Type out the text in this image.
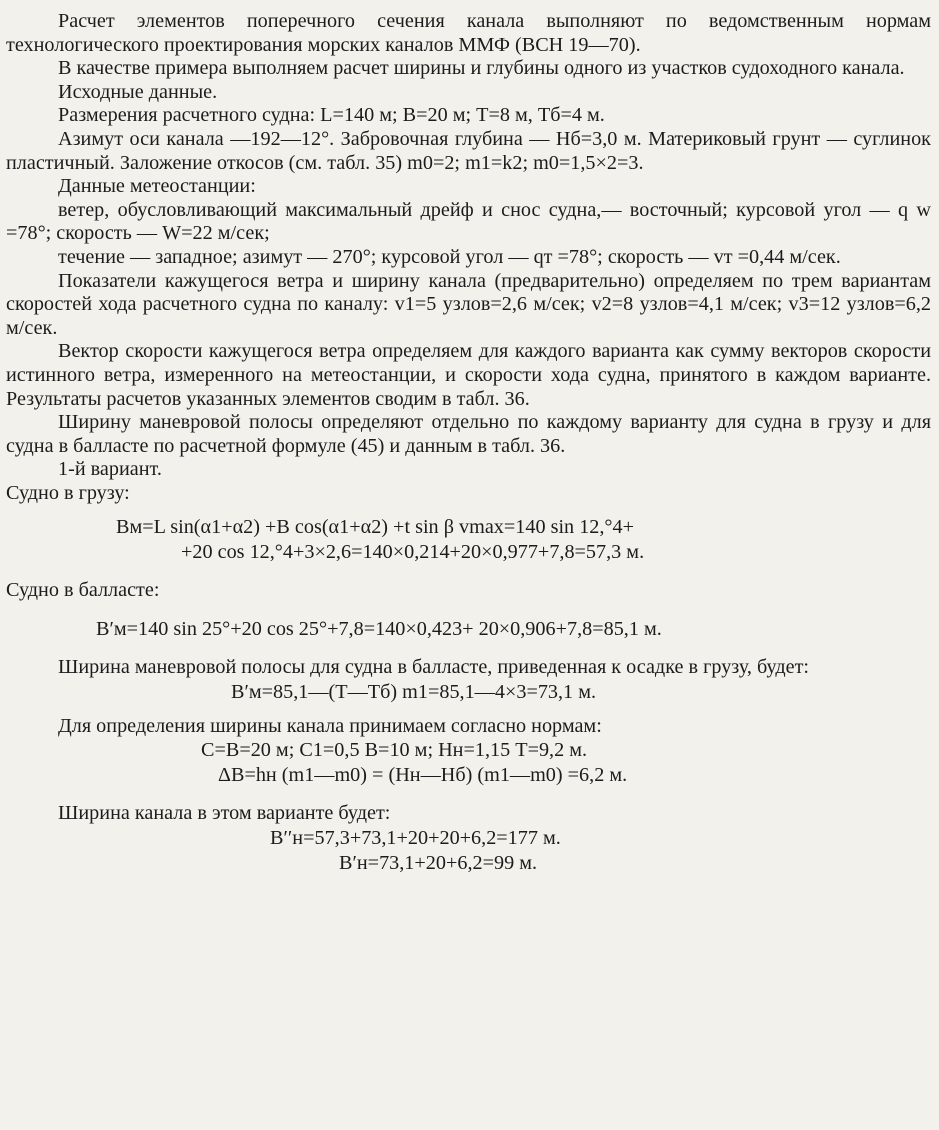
Расчет элементов поперечного сечения канала выполняют по ведомственным нормам технологического проектирования морских каналов ММФ (ВСН 19—70).

В качестве примера выполняем расчет ширины и глубины одного из участков судоходного канала.

Исходные данные.

Размерения расчетного судна: L=140 м; B=20 м; T=8 м, Tб=4 м.

Азимут оси канала —192—12°. Забровочная глубина — Hб=3,0 м. Материковый грунт — суглинок пластичный. Заложение откосов (см. табл. 35) m0=2; m1=k2; m0=1,5×2=3.

Данные метеостанции:

ветер, обусловливающий максимальный дрейф и снос судна,— восточный; курсовой угол — q w =78°; скорость — W=22 м/сек;

течение — западное; азимут — 270°; курсовой угол — qт =78°; скорость — vт =0,44 м/сек.

Показатели кажущегося ветра и ширину канала (предварительно) определяем по трем вариантам скоростей хода расчетного судна по каналу: v1=5 узлов=2,6 м/сек; v2=8 узлов=4,1 м/сек; v3=12 узлов=6,2 м/сек.

Вектор скорости кажущегося ветра определяем для каждого варианта как сумму векторов скорости истинного ветра, измеренного на метеостанции, и скорости хода судна, принятого в каждом варианте. Результаты расчетов указанных элементов сводим в табл. 36.

Ширину маневровой полосы определяют отдельно по каждому варианту для судна в грузу и для судна в балласте по расчетной формуле (45) и данным в табл. 36.

1-й вариант.

Судно в грузу:

Bм=L sin(α1+α2) +B cos(α1+α2) +t sin β vmax=140 sin 12,°4+

+20 cos 12,°4+3×2,6=140×0,214+20×0,977+7,8=57,3 м.

Судно в балласте:

B′м=140 sin 25°+20 cos 25°+7,8=140×0,423+ 20×0,906+7,8=85,1 м.

Ширина маневровой полосы для судна в балласте, приведенная к осадке в грузу, будет:

B′м=85,1—(T—Tб) m1=85,1—4×3=73,1 м.

Для определения ширины канала принимаем согласно нормам:

C=B=20 м; C1=0,5 B=10 м; Hн=1,15 T=9,2 м.

ΔB=hн (m1—m0) = (Hн—Hб) (m1—m0) =6,2 м.

Ширина канала в этом варианте будет:

B′′н=57,3+73,1+20+20+6,2=177 м.

B′н=73,1+20+6,2=99 м.
